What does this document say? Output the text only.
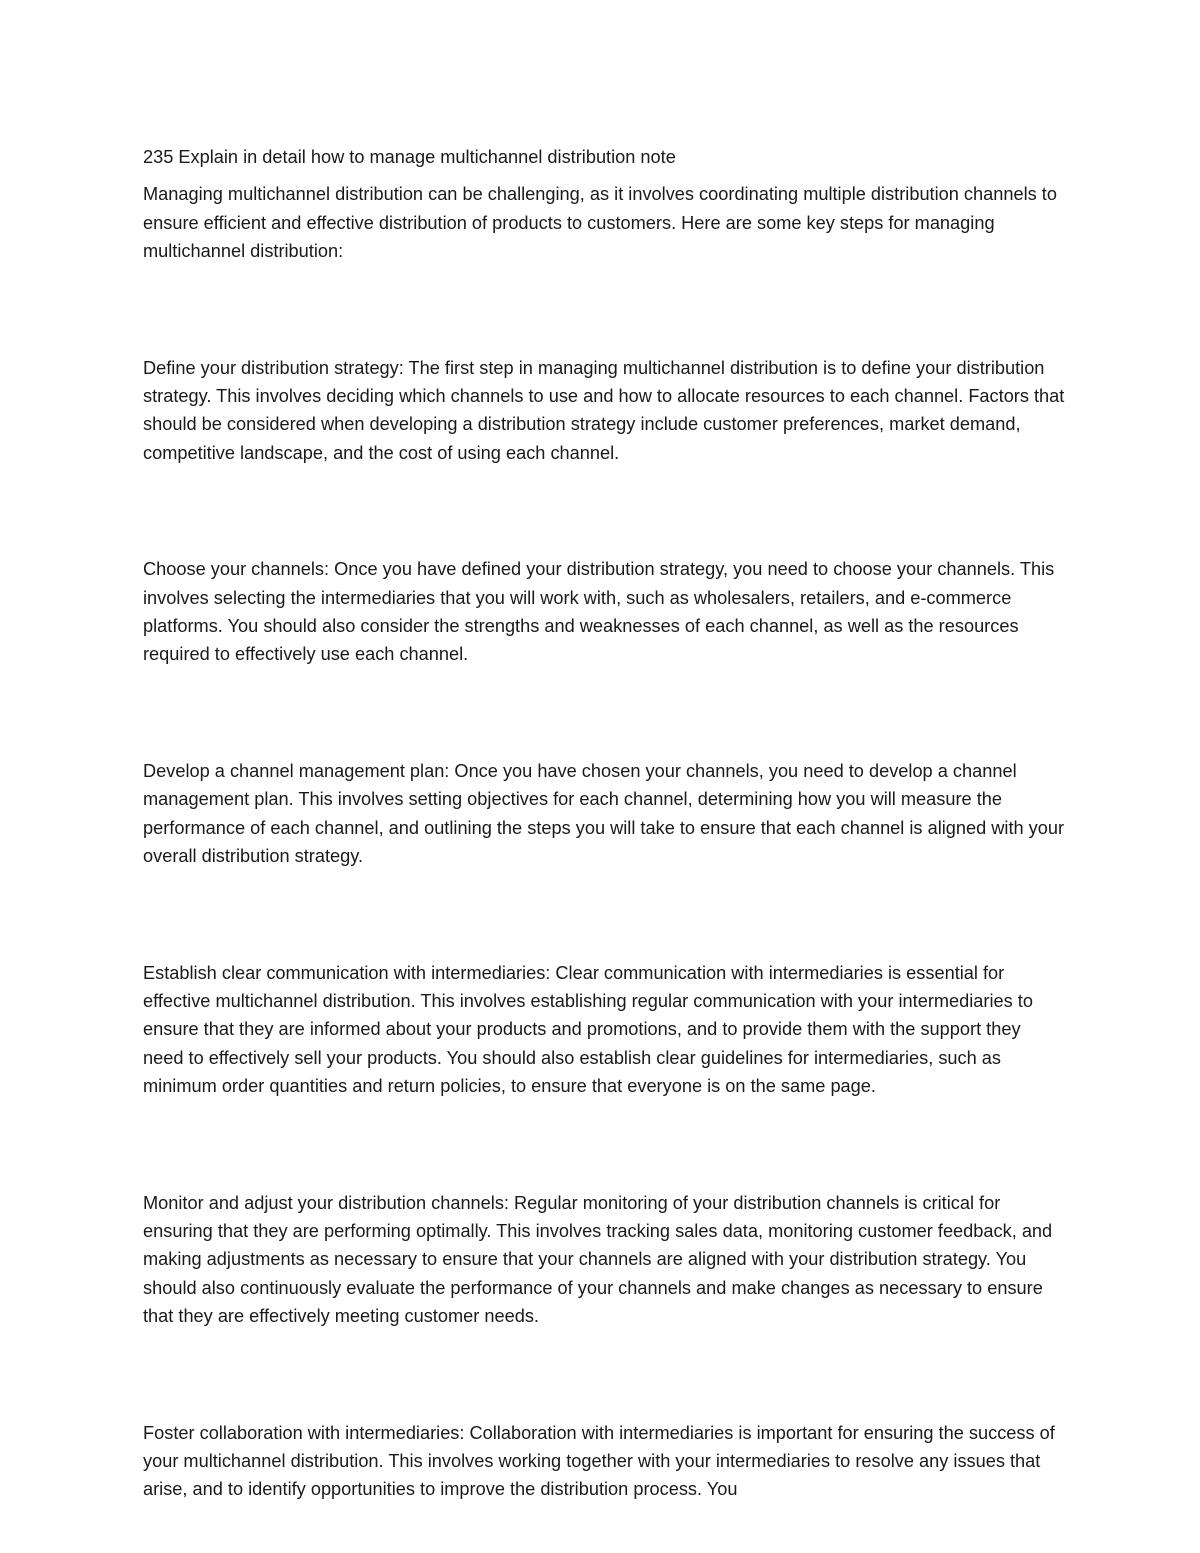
235 Explain in detail how to manage multichannel distribution note

Managing multichannel distribution can be challenging, as it involves coordinating multiple distribution channels to ensure efficient and effective distribution of products to customers. Here are some key steps for managing multichannel distribution:

Define your distribution strategy: The first step in managing multichannel distribution is to define your distribution strategy. This involves deciding which channels to use and how to allocate resources to each channel. Factors that should be considered when developing a distribution strategy include customer preferences, market demand, competitive landscape, and the cost of using each channel.

Choose your channels: Once you have defined your distribution strategy, you need to choose your channels. This involves selecting the intermediaries that you will work with, such as wholesalers, retailers, and e-commerce platforms. You should also consider the strengths and weaknesses of each channel, as well as the resources required to effectively use each channel.

Develop a channel management plan: Once you have chosen your channels, you need to develop a channel management plan. This involves setting objectives for each channel, determining how you will measure the performance of each channel, and outlining the steps you will take to ensure that each channel is aligned with your overall distribution strategy.

Establish clear communication with intermediaries: Clear communication with intermediaries is essential for effective multichannel distribution. This involves establishing regular communication with your intermediaries to ensure that they are informed about your products and promotions, and to provide them with the support they need to effectively sell your products. You should also establish clear guidelines for intermediaries, such as minimum order quantities and return policies, to ensure that everyone is on the same page.

Monitor and adjust your distribution channels: Regular monitoring of your distribution channels is critical for ensuring that they are performing optimally. This involves tracking sales data, monitoring customer feedback, and making adjustments as necessary to ensure that your channels are aligned with your distribution strategy. You should also continuously evaluate the performance of your channels and make changes as necessary to ensure that they are effectively meeting customer needs.

Foster collaboration with intermediaries: Collaboration with intermediaries is important for ensuring the success of your multichannel distribution. This involves working together with your intermediaries to resolve any issues that arise, and to identify opportunities to improve the distribution process. You
